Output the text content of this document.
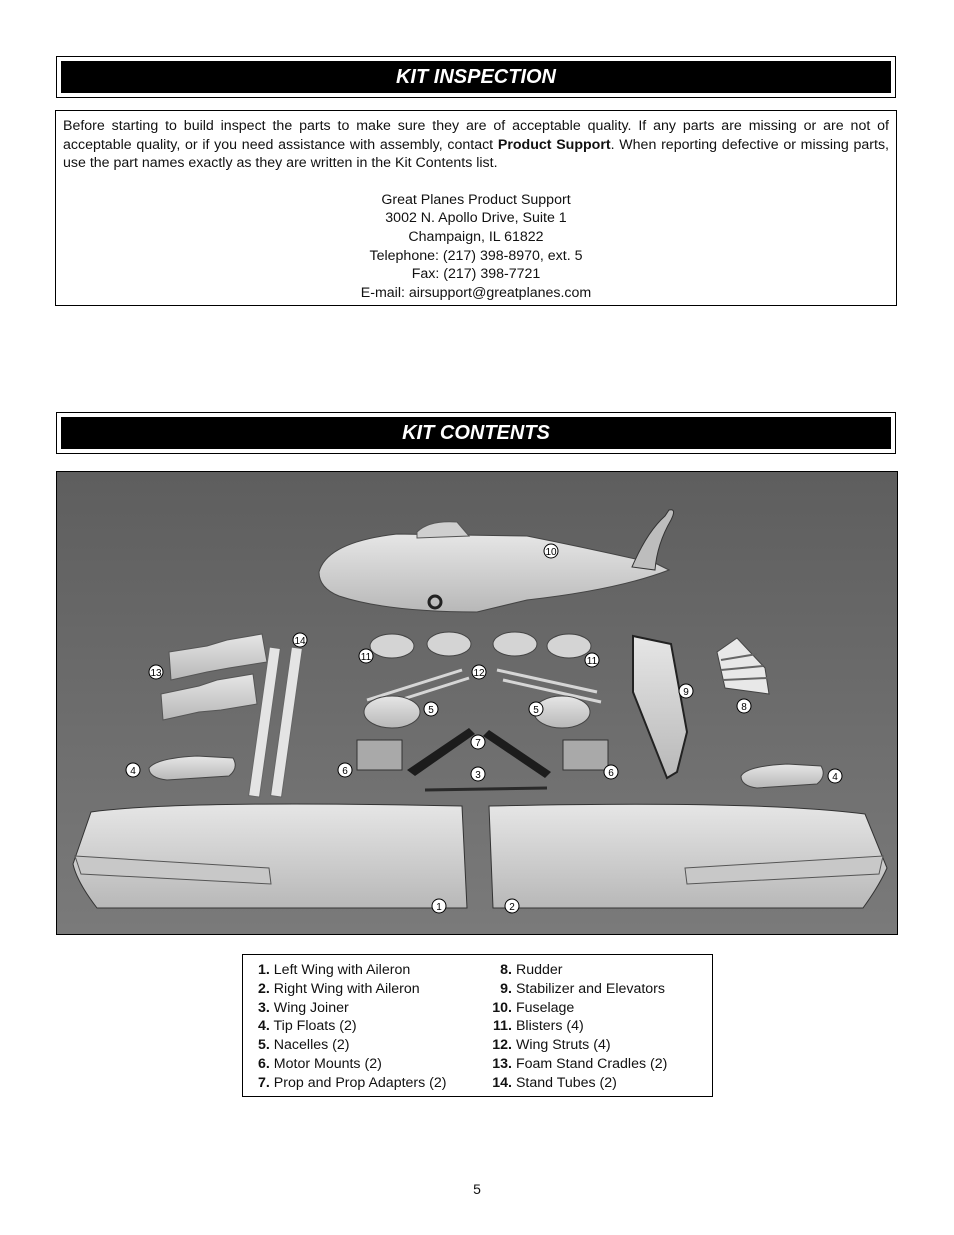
KIT INSPECTION
Before starting to build inspect the parts to make sure they are of acceptable quality. If any parts are missing or are not of acceptable quality, or if you need assistance with assembly, contact Product Support. When reporting defective or missing parts, use the part names exactly as they are written in the Kit Contents list.
Great Planes Product Support
3002 N. Apollo Drive, Suite 1
Champaign, IL 61822
Telephone: (217) 398-8970, ext. 5
Fax: (217) 398-7721
E-mail: airsupport@greatplanes.com
KIT CONTENTS
1	2
3
4
4
5	5
6	6
7
8
9
10
11	11
12
13
14
1. Left Wing with Aileron
2. Right Wing with Aileron
3. Wing Joiner
4. Tip Floats (2)
5. Nacelles (2)
6. Motor Mounts (2)
7. Prop and Prop Adapters (2)
8. Rudder
9. Stabilizer and Elevators
10. Fuselage
11. Blisters (4)
12. Wing Struts (4)
13. Foam Stand Cradles (2)
14. Stand Tubes (2)
5
